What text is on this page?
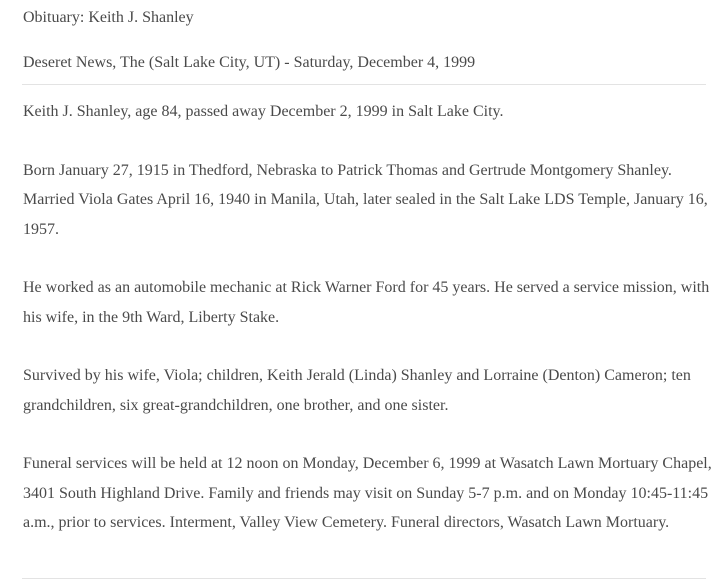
Obituary: Keith J. Shanley
Deseret News, The (Salt Lake City, UT) - Saturday, December 4, 1999

Keith J. Shanley, age 84, passed away December 2, 1999 in Salt Lake City.

Born January 27, 1915 in Thedford, Nebraska to Patrick Thomas and Gertrude Montgomery Shanley. Married Viola Gates April 16, 1940 in Manila, Utah, later sealed in the Salt Lake LDS Temple, January 16, 1957.

He worked as an automobile mechanic at Rick Warner Ford for 45 years. He served a service mission, with his wife, in the 9th Ward, Liberty Stake.

Survived by his wife, Viola; children, Keith Jerald (Linda) Shanley and Lorraine (Denton) Cameron; ten grandchildren, six great-grandchildren, one brother, and one sister.

Funeral services will be held at 12 noon on Monday, December 6, 1999 at Wasatch Lawn Mortuary Chapel, 3401 South Highland Drive. Family and friends may visit on Sunday 5-7 p.m. and on Monday 10:45-11:45 a.m., prior to services. Interment, Valley View Cemetery. Funeral directors, Wasatch Lawn Mortuary.
